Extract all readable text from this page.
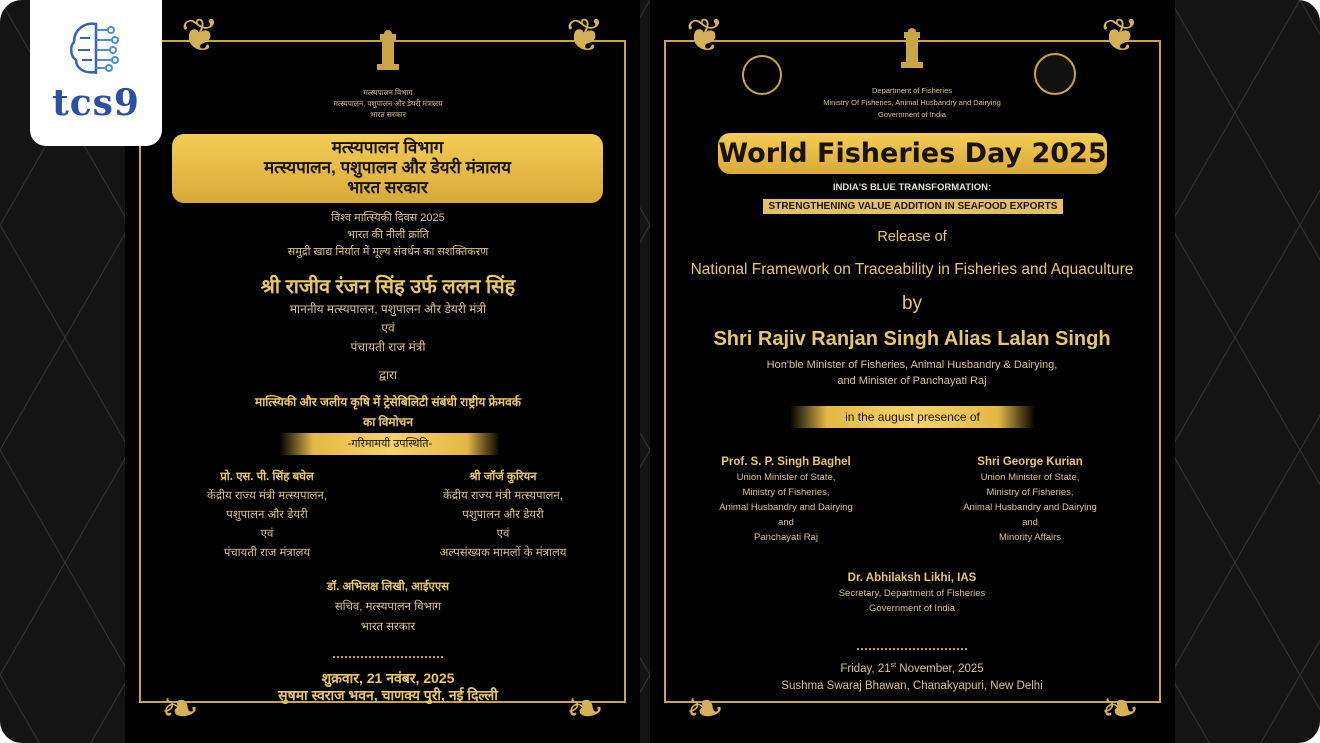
❦	❦
❧	❧
मत्स्यपालन विभाग
मत्स्यपालन, पशुपालन और डेयरी मंत्रालय
भारत सरकार
मत्स्यपालन विभाग
मत्स्यपालन, पशुपालन और डेयरी मंत्रालय
भारत सरकार
विश्व मात्स्यिकी दिवस 2025
भारत की नीली क्रांति
समुद्री खाद्य निर्यात में मूल्य संवर्धन का सशक्तिकरण
श्री राजीव रंजन सिंह उर्फ ललन सिंह
माननीय मत्स्यपालन, पशुपालन और डेयरी मंत्री
एवं
पंचायती राज मंत्री
द्वारा
मात्स्यिकी और जलीय कृषि में ट्रेसेबिलिटी संबंधी राष्ट्रीय फ्रेमवर्क
का विमोचन
-गरिमामयी उपस्थिति-
प्रो. एस. पी. सिंह बघेल
केंद्रीय राज्य मंत्री मत्स्यपालन,
पशुपालन और डेयरी
एवं
पंचायती राज मंत्रालय
श्री जॉर्ज कुरियन
केंद्रीय राज्य मंत्री मत्स्यपालन,
पशुपालन और डेयरी
एवं
अल्पसंख्यक मामलों के मंत्रालय
डॉ. अभिलक्ष लिखी, आईएएस
सचिव, मत्स्यपालन विभाग
भारत सरकार
शुक्रवार, 21 नवंबर, 2025
सुषमा स्वराज भवन, चाणक्य पुरी, नई दिल्ली
❦	❦
❧	❧
Department of Fisheries
Ministry Of Fisheries, Animal Husbandry and Dairying
Government of India
World Fisheries Day 2025
INDIA'S BLUE TRANSFORMATION:
STRENGTHENING VALUE ADDITION IN SEAFOOD EXPORTS
Release of
National Framework on Traceability in Fisheries and Aquaculture
by
Shri Rajiv Ranjan Singh Alias Lalan Singh
Hon'ble Minister of Fisheries, Animal Husbandry & Dairying,
and Minister of Panchayati Raj
in the august presence of
Prof. S. P. Singh Baghel
Union Minister of State,
Ministry of Fisheries,
Animal Husbandry and Dairying
and
Panchayati Raj
Shri George Kurian
Union Minister of State,
Ministry of Fisheries,
Animal Husbandry and Dairying
and
Minority Affairs
Dr. Abhilaksh Likhi, IAS
Secretary, Department of Fisheries
Government of India
Friday, 21st November, 2025
Sushma Swaraj Bhawan, Chanakyapuri, New Delhi
tcs9
